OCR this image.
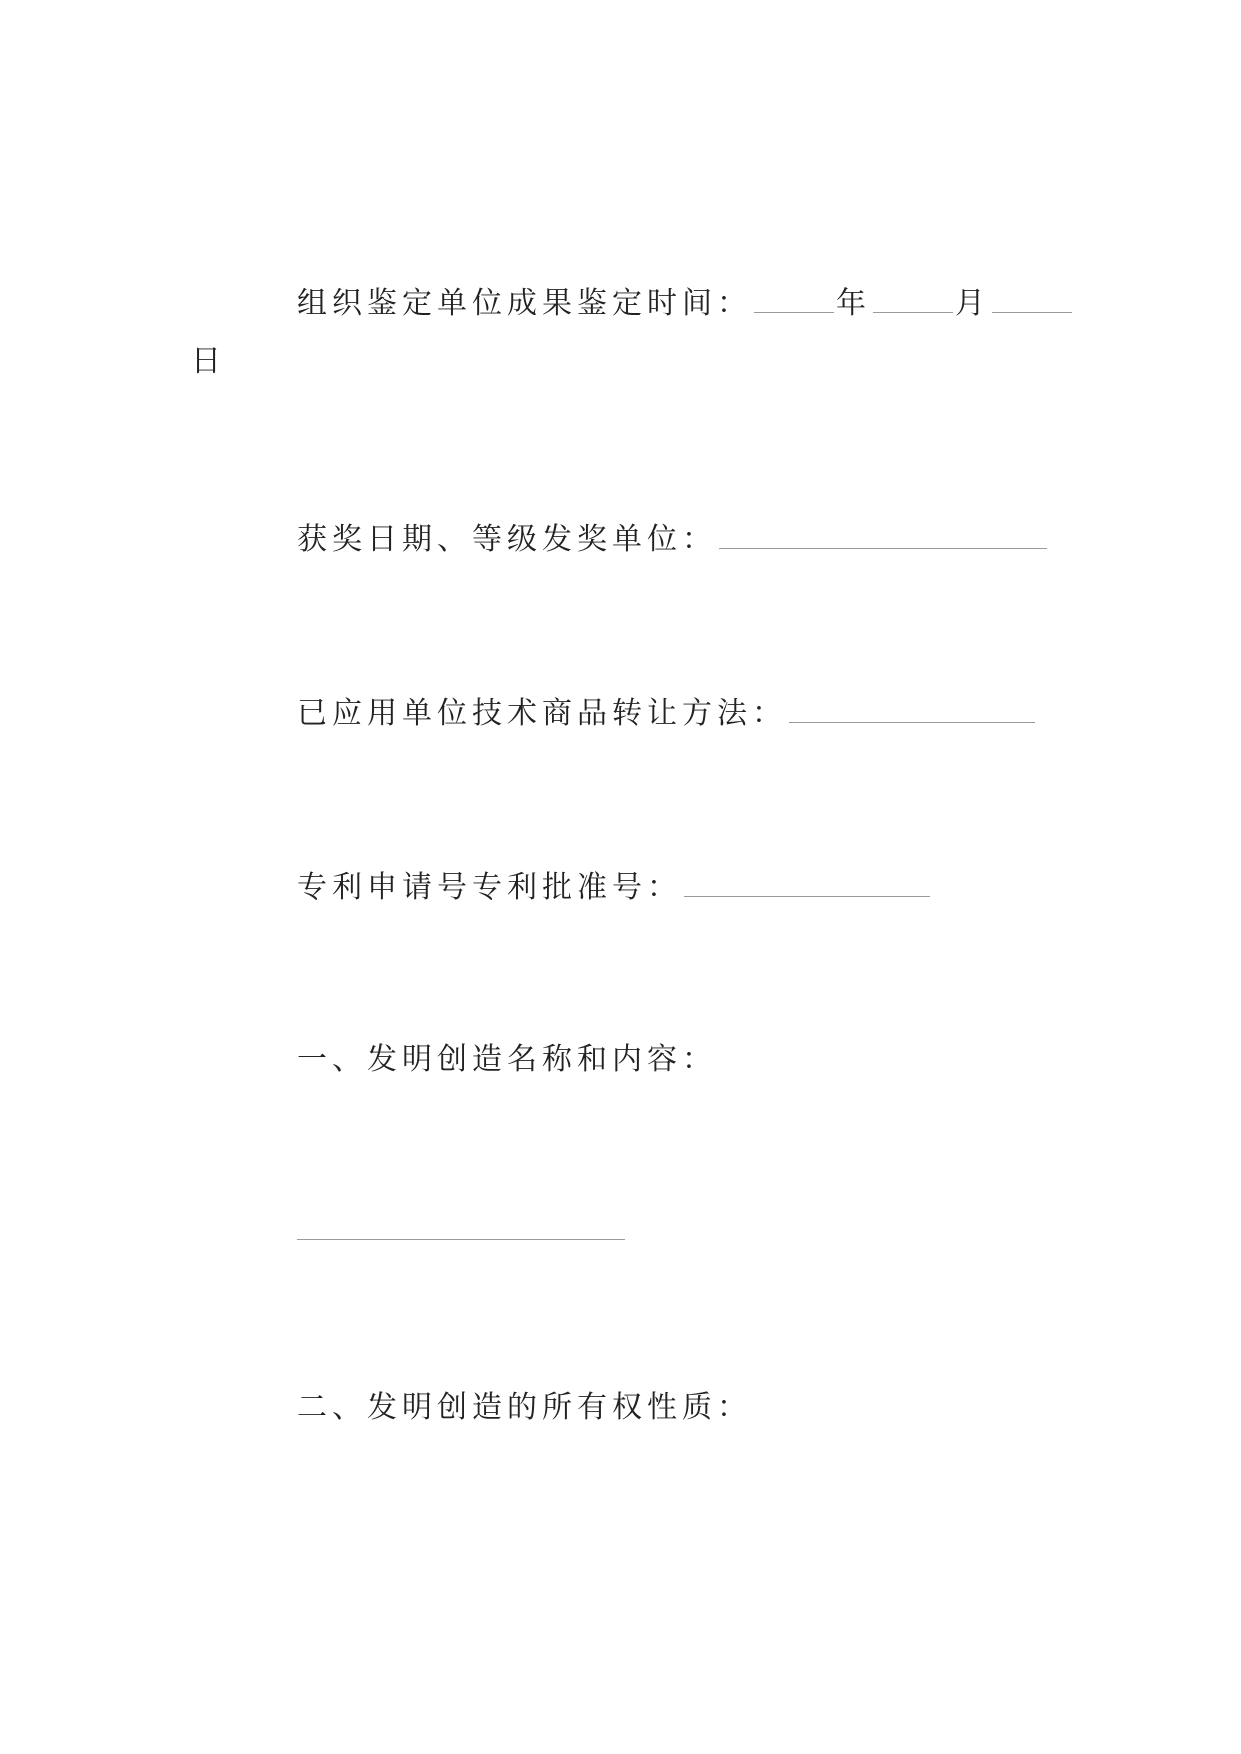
组织鉴定单位成果鉴定时间：	年	月
日
获奖日期、等级发奖单位：
已应用单位技术商品转让方法：
专利申请号专利批准号：
一、发明创造名称和内容：
二、发明创造的所有权性质：
